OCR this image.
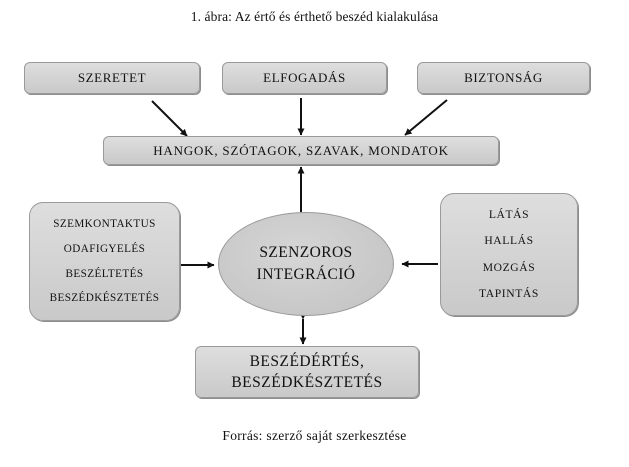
1. ábra: Az értő és érthető beszéd kialakulása
SZERETET	ELFOGADÁS	BIZTONSÁG
HANGOK, SZÓTAGOK, SZAVAK, MONDATOK
SZEMKONTAKTUS
ODAFIGYELÉS
BESZÉLTETÉS
BESZÉDKÉSZTETÉS
SZENZOROS
INTEGRÁCIÓ
LÁTÁS
HALLÁS
MOZGÁS
TAPINTÁS
BESZÉDÉRTÉS,
BESZÉDKÉSZTETÉS
Forrás: szerző saját szerkesztése
